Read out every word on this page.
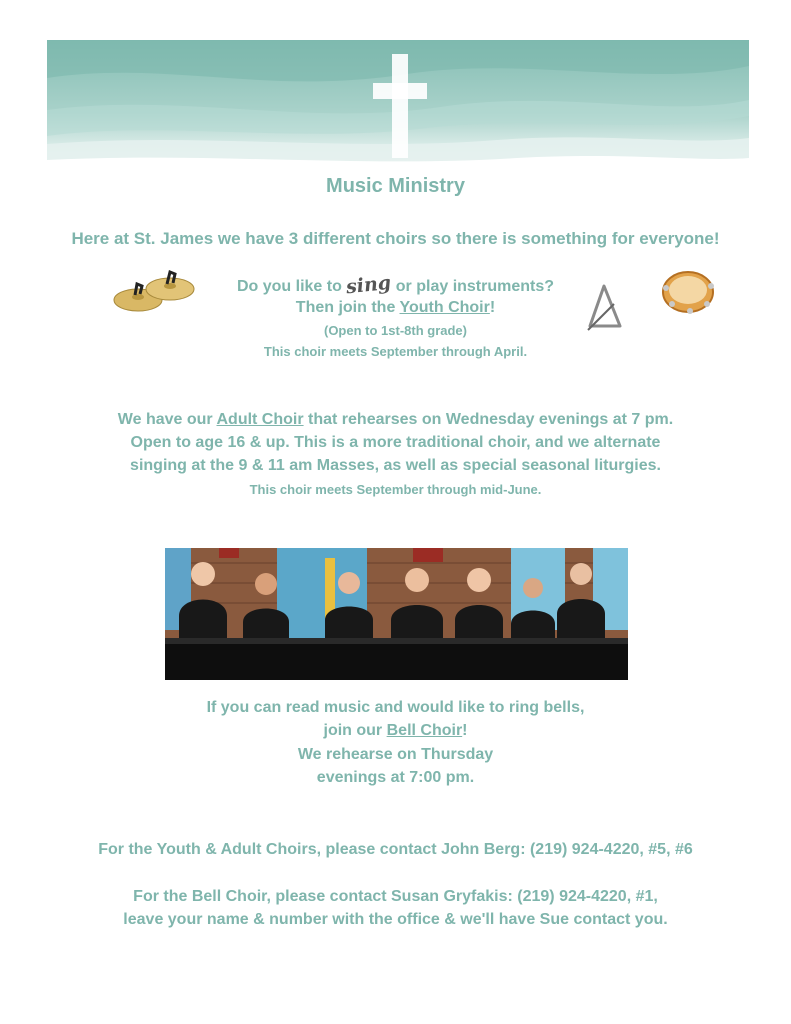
Music Ministry
Here at St. James we have 3 different choirs so there is something for everyone!
Do you like to sing or play instruments?
Then join the Youth Choir!
(Open to 1st-8th grade)
This choir meets September through April.
We have our Adult Choir that rehearses on Wednesday evenings at 7 pm.
Open to age 16 & up. This is a more traditional choir, and we alternate
singing at the 9 & 11 am Masses, as well as special seasonal liturgies.
This choir meets September through mid-June.
If you can read music and would like to ring bells,
join our Bell Choir!
We rehearse on Thursday
evenings at 7:00 pm.
For the Youth & Adult Choirs, please contact John Berg: (219) 924-4220, #5, #6
For the Bell Choir, please contact Susan Gryfakis: (219) 924-4220, #1,
leave your name & number with the office & we'll have Sue contact you.
